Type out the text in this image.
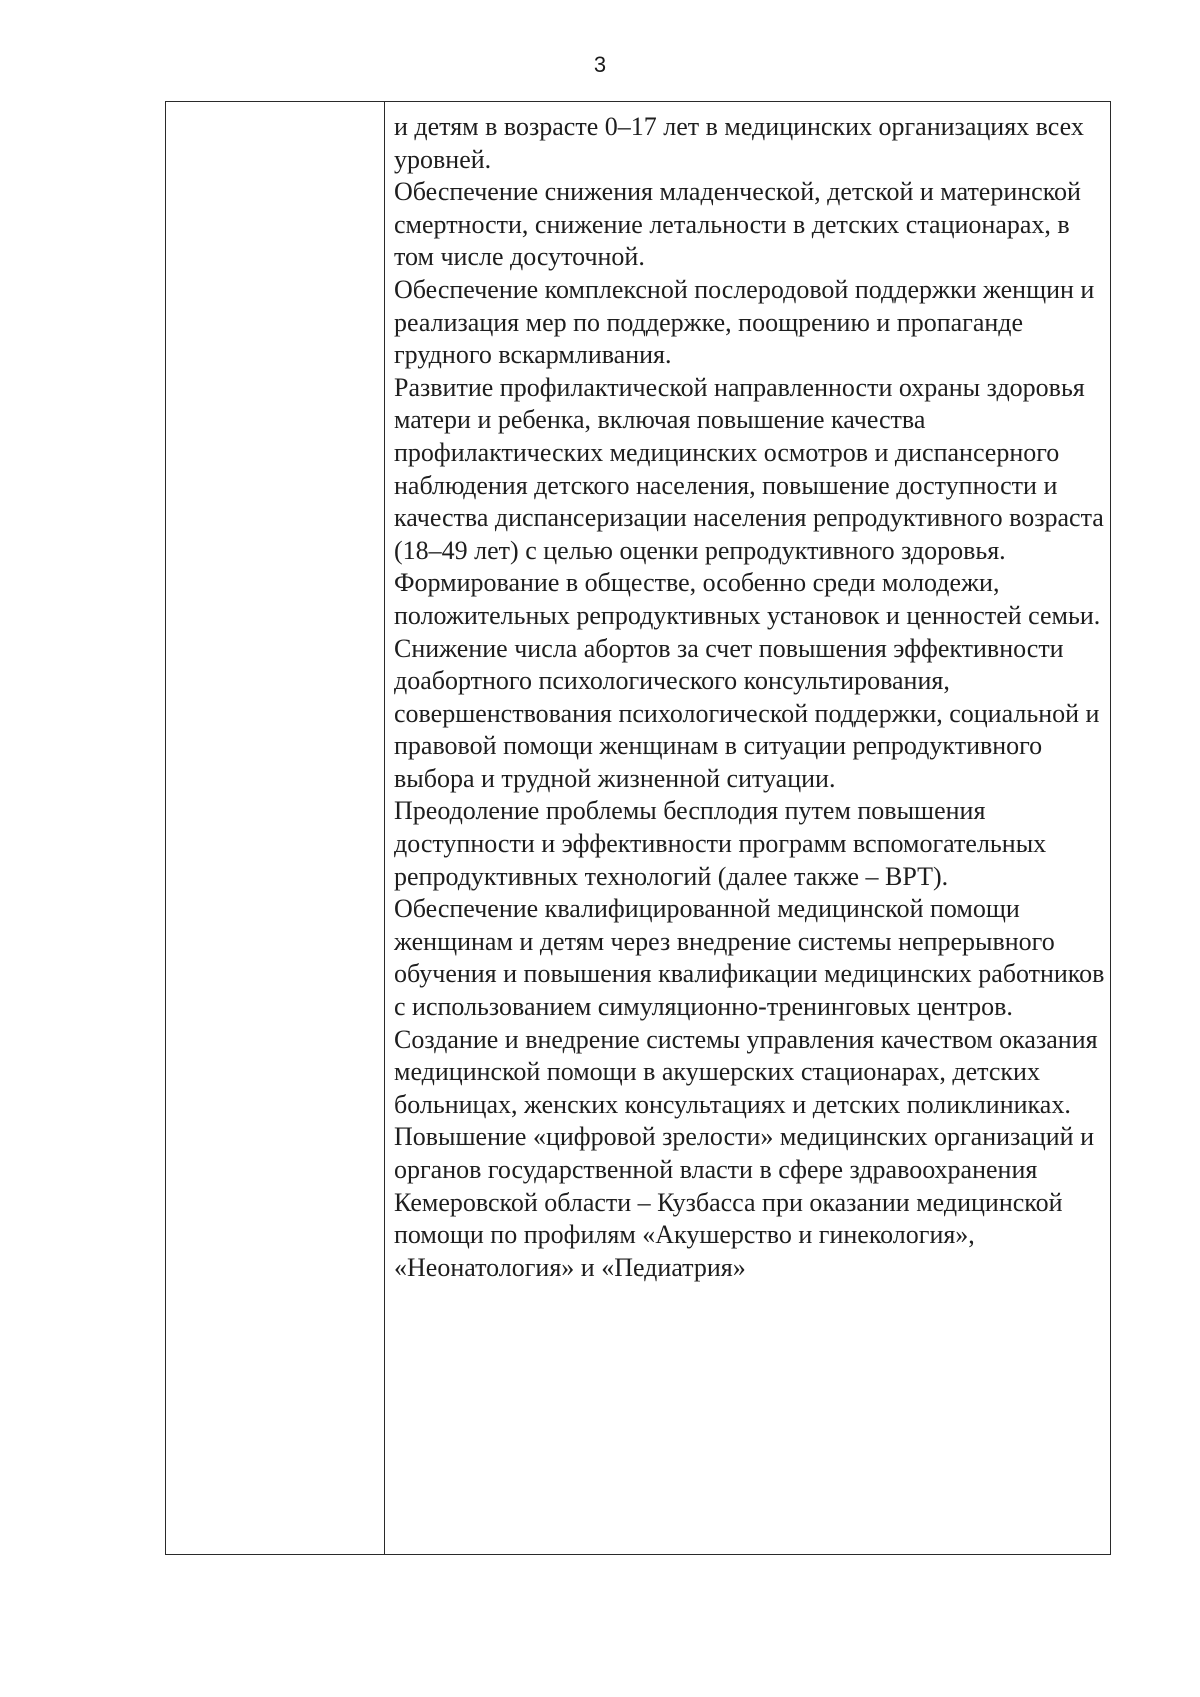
3

и детям в возрасте 0–17 лет в медицинских организациях всех уровней.

Обеспечение снижения младенческой, детской и материнской смертности, снижение летальности в детских стационарах, в том числе досуточной.

Обеспечение комплексной послеродовой поддержки женщин и реализация мер по поддержке, поощрению и пропаганде грудного вскармливания.

Развитие профилактической направленности охраны здоровья матери и ребенка, включая повышение качества профилактических медицинских осмотров и диспансерного наблюдения детского населения, повышение доступности и качества диспансеризации населения репродуктивного возраста (18–49 лет) с целью оценки репродуктивного здоровья.

Формирование в обществе, особенно среди молодежи, положительных репродуктивных установок и ценностей семьи.

Снижение числа абортов за счет повышения эффективности доабортного психологического консультирования, совершенствования психологической поддержки, социальной и правовой помощи женщинам в ситуации репродуктивного выбора и трудной жизненной ситуации.

Преодоление проблемы бесплодия путем повышения доступности и эффективности программ вспомогательных репродуктивных технологий (далее также – ВРТ).

Обеспечение квалифицированной медицинской помощи женщинам и детям через внедрение системы непрерывного обучения и повышения квалификации медицинских работников с использованием симуляционно-тренинговых центров.

Создание и внедрение системы управления качеством оказания медицинской помощи в акушерских стационарах, детских больницах, женских консультациях и детских поликлиниках.

Повышение «цифровой зрелости» медицинских организаций и органов государственной власти в сфере здравоохранения Кемеровской области – Кузбасса при оказании медицинской помощи по профилям «Акушерство и гинекология», «Неонатология» и «Педиатрия»
